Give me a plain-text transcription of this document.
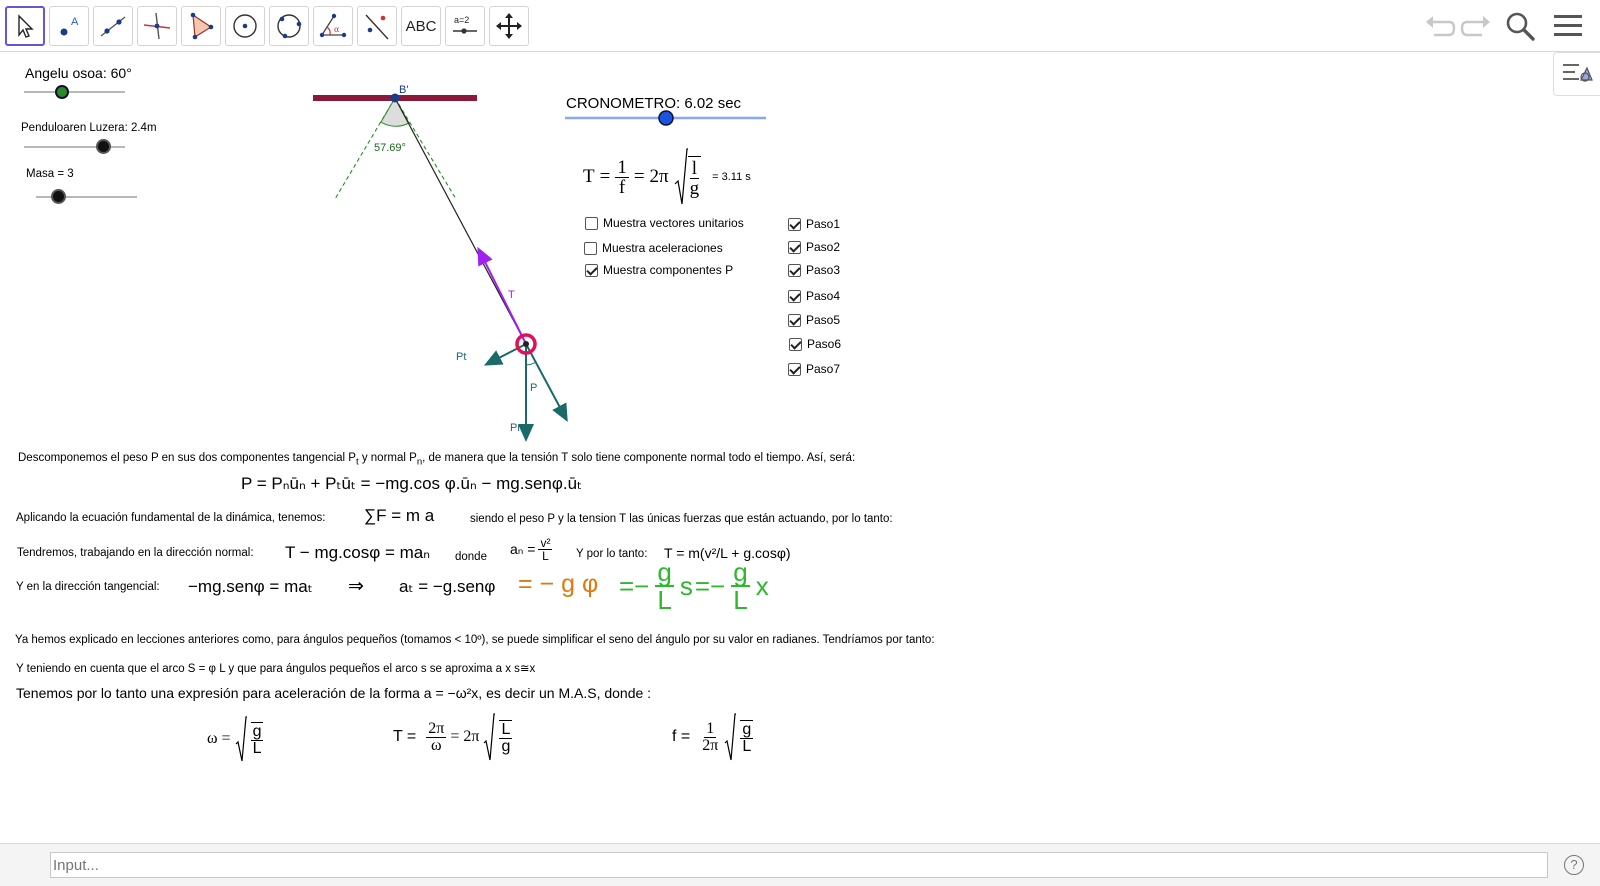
A
α	ABC a=2
Angelu osoa: 60°
Penduloaren Luzera: 2.4m
Masa = 3
B'
57.69°
T
Pt
P
Pn
CRONOMETRO: 6.02 sec
$T = \frac{1}{f} = 2\pi \frac{l}{g} = 3.11$ s
Muestra vectores unitarios
Muestra aceleraciones
Muestra componentes P
Paso1
Paso2
Paso3
Paso4
Paso5
Paso6
Paso7
Descomponemos el peso P en sus dos componentes tangencial $P_t$ y normal $P_n$, de manera que la tensión T solo tiene componente normal todo el tiempo. Así, será:
P = Pₙūₙ + Pₜūₜ = −mg.cos φ.ūₙ − mg.senφ.ūₜ
Aplicando la ecuación fundamental de la dinámica, tenemos: ∑F = m a	siendo el peso P y la tension T las únicas fuerzas que están actuando, por lo tanto:
Tendremos, trabajando en la dirección normal: T − mg.cosφ = maₙ donde $a_n = \frac{\text{v²}}{L}$ Y por lo tanto: T = m(v²/L + g.cosφ)
Y en la dirección tangencial: −mg.senφ = maₜ ⇒ aₜ = −g.senφ = − g $\varphi =- \frac{g}{L}$ $s =- \frac{g}{L}$ x
Ya hemos explicado en lecciones anteriores como, para ángulos pequeños (tomamos < 10º), se puede simplificar el seno del ángulo por su valor en radianes. Tendríamos por tanto:
Y teniendo en cuenta que el arco S = φ L y que para ángulos pequeños el arco s se aproxima a x s≅x
Tenemos por lo tanto una expresión para aceleración de la forma a = −ω²x, es decir un M.A.S, donde :
$\omega = \frac{g}{L}$	$T = \frac{2\pi}{\omega} = 2\pi \frac{L}{g}$	$f = \frac{1}{2\pi} \frac{g}{L}$
Input...
?
